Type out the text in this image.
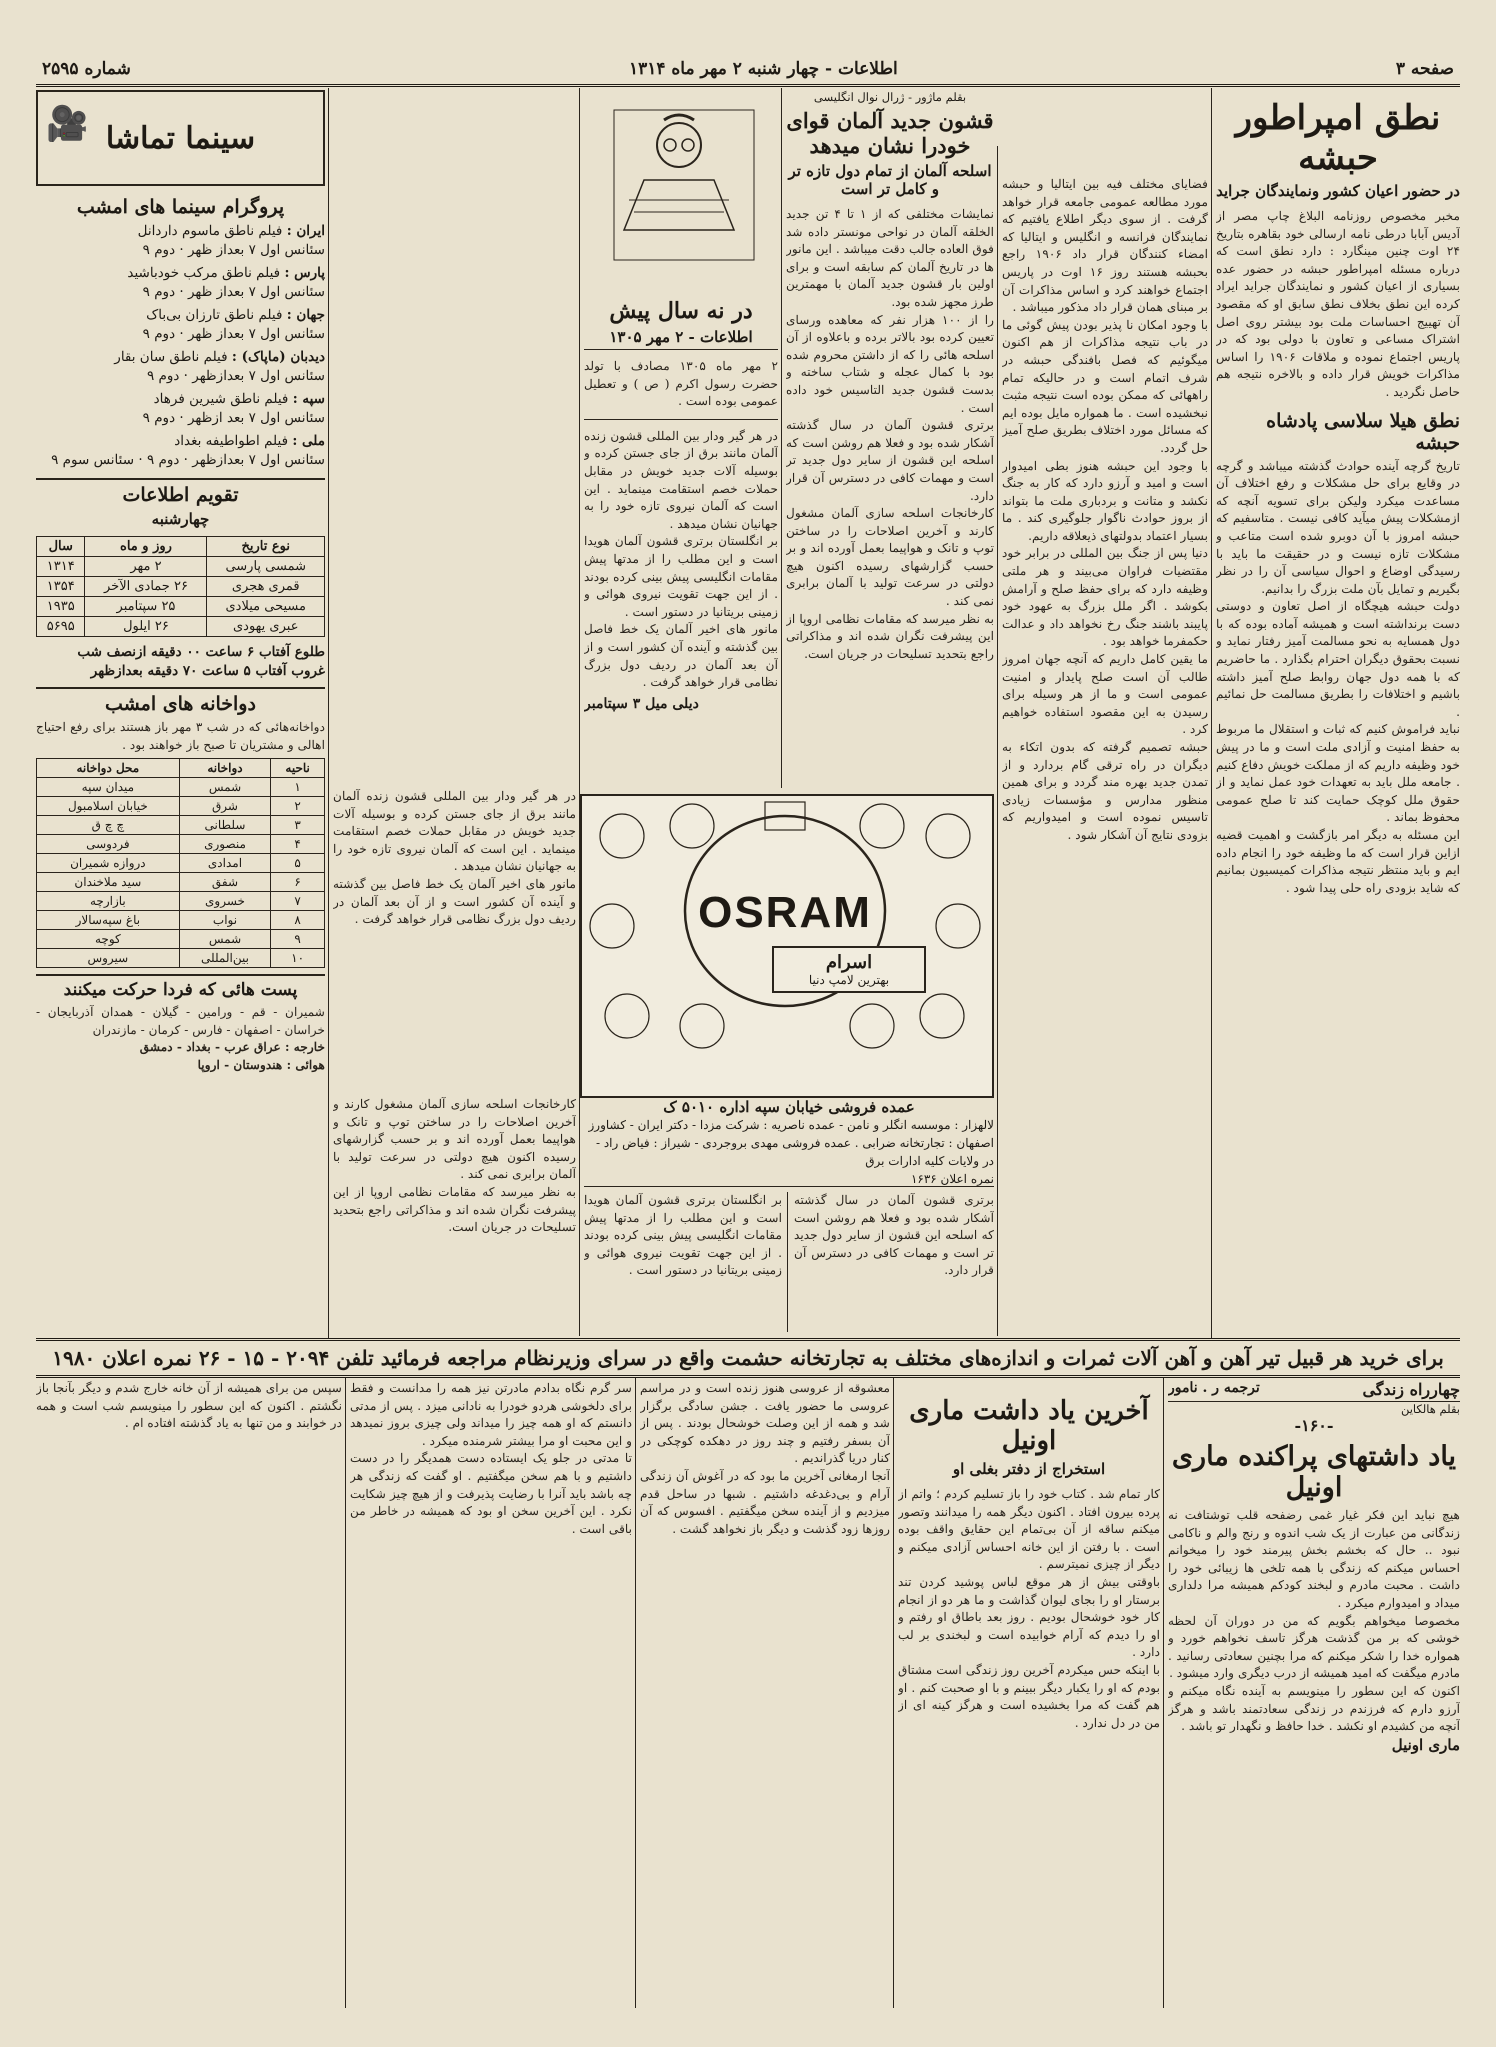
صفحه ۳
اطلاعات - چهار شنبه ۲ مهر ماه ۱۳۱۴
شماره ۲۵۹۵
نطق امپراطور حبشه
در حضور اعیان کشور ونمایندگان جراید

مخبر مخصوص روزنامه البلاغ چاپ مصر از آدیس آبابا درطی نامه ارسالی خود بقاهره بتاریخ ۲۴ اوت چنین مینگارد : دارد نطق است که درباره مسئله امپراطور حبشه در حضور عده بسیاری از اعیان کشور و نمایندگان جراید ایراد کرده این نطق بخلاف نطق سابق او که مقصود آن تهییج احساسات ملت بود بیشتر روی اصل اشتراک مساعی و تعاون با دولی بود که در پاریس اجتماع نموده و ملاقات ۱۹۰۶ را اساس مذاکرات خویش قرار داده و بالاخره نتیجه هم حاصل نگردید .

نطق هیلا سلاسی پادشاه حبشه

تاریخ گرچه آینده حوادث گذشته میباشد و گرچه در وقایع برای حل مشکلات و رفع اختلاف آن مساعدت میکرد ولیکن برای تسویه آنچه که ازمشکلات پیش میآید کافی نیست . متاسفیم که حبشه امروز با آن دوبرو شده است متاعب و مشکلات تازه نیست و در حقیقت ما باید با رسیدگی اوضاع و احوال سیاسی آن را در نظر بگیریم و تمایل بآن ملت بزرگ را بدانیم.

دولت حبشه هیچگاه از اصل تعاون و دوستی دست برنداشته است و همیشه آماده بوده که با دول همسایه به نحو مسالمت آمیز رفتار نماید و نسبت بحقوق دیگران احترام بگذارد . ما حاضریم که با همه دول جهان روابط صلح آمیز داشته باشیم و اختلافات را بطریق مسالمت حل نمائیم .

نباید فراموش کنیم که ثبات و استقلال ما مربوط به حفظ امنیت و آزادی ملت است و ما در پیش خود وظیفه داریم که از مملکت خویش دفاع کنیم . جامعه ملل باید به تعهدات خود عمل نماید و از حقوق ملل کوچک حمایت کند تا صلح عمومی محفوظ بماند .

این مسئله به دیگر امر بازگشت و اهمیت قضیه ازاین قرار است که ما وظیفه خود را انجام داده ایم و باید منتظر نتیجه مذاکرات کمیسیون بمانیم که شاید بزودی راه حلی پیدا شود .

فضایای مختلف فیه بین ایتالیا و حبشه مورد مطالعه عمومی جامعه قرار خواهد گرفت . از سوی دیگر اطلاع یافتیم که نمایندگان فرانسه و انگلیس و ایتالیا که امضاء کنندگان قرار داد ۱۹۰۶ راجع بحبشه هستند روز ۱۶ اوت در پاریس اجتماع خواهند کرد و اساس مذاکرات آن بر مبنای همان قرار داد مذکور میباشد .

با وجود امکان نا پذیر بودن پیش گوئی ما در باب نتیجه مذاکرات از هم اکنون میگوئیم که فصل بافندگی حبشه در شرف اتمام است و در حالیکه تمام راههائی که ممکن بوده است نتیجه مثبت نبخشیده است . ما همواره مایل بوده ایم که مسائل مورد اختلاف بطریق صلح آمیز حل گردد.

با وجود این حبشه هنوز بطی امیدوار است و امید و آرزو دارد که کار به جنگ نکشد و متانت و بردباری ملت ما بتواند از بروز حوادث ناگوار جلوگیری کند . ما بسیار اعتماد بدولتهای ذیعلاقه داریم.

دنیا پس از جنگ بین المللی در برابر خود مقتضیات فراوان می‌بیند و هر ملتی وظیفه دارد که برای حفظ صلح و آرامش بکوشد . اگر ملل بزرگ به عهود خود پایبند باشند جنگ رخ نخواهد داد و عدالت حکمفرما خواهد بود .

ما یقین کامل داریم که آنچه جهان امروز طالب آن است صلح پایدار و امنیت عمومی است و ما از هر وسیله برای رسیدن به این مقصود استفاده خواهیم کرد .

حبشه تصمیم گرفته که بدون اتکاء به دیگران در راه ترقی گام بردارد و از تمدن جدید بهره مند گردد و برای همین منظور مدارس و مؤسسات زیادی تاسیس نموده است و امیدواریم که بزودی نتایج آن آشکار شود .

بقلم ماژور - ژرال نوال انگلیسی
قشون جدید آلمان قوای خودرا نشان میدهد
اسلحه آلمان از تمام دول تازه تر و کامل تر است

نمایشات مختلفی که از ۱ تا ۴ تن جدید الخلقه آلمان در نواحی مونستر داده شد فوق العاده جالب دقت میباشد . این مانور ها در تاریخ آلمان کم سابقه است و برای اولین بار قشون جدید آلمان با مهمترین طرز مجهز شده بود.

را از ۱۰۰ هزار نفر که معاهده ورسای تعیین کرده بود بالاتر برده و باعلاوه از آن اسلحه هائی را که از داشتن محروم شده بود با کمال عجله و شتاب ساخته و بدست قشون جدید التاسیس خود داده است .

برتری قشون آلمان در سال گذشته آشکار شده بود و فعلا هم روشن است که اسلحه این قشون از سایر دول جدید تر است و مهمات کافی در دسترس آن قرار دارد.

کارخانجات اسلحه سازی آلمان مشغول کارند و آخرین اصلاحات را در ساختن توپ و تانک و هواپیما بعمل آورده اند و بر حسب گزارشهای رسیده اکنون هیچ دولتی در سرعت تولید با آلمان برابری نمی کند .

به نظر میرسد که مقامات نظامی اروپا از این پیشرفت نگران شده اند و مذاکراتی راجع بتحدید تسلیحات در جریان است.

در نه سال پیش
اطلاعات - ۲ مهر ۱۳۰۵

۲ مهر ماه ۱۳۰۵ مصادف با تولد حضرت رسول اکرم ( ص ) و تعطیل عمومی بوده است .

در هر گیر ودار بین المللی قشون زنده آلمان مانند برق از جای جستن کرده و بوسیله آلات جدید خویش در مقابل حملات خصم استقامت مینماید . این است که آلمان نیروی تازه خود را به جهانیان نشان میدهد .

بر انگلستان برتری قشون آلمان هویدا است و این مطلب را از مدتها پیش مقامات انگلیسی پیش بینی کرده بودند . از این جهت تقویت نیروی هوائی و زمینی بریتانیا در دستور است .

مانور های اخیر آلمان یک خط فاصل بین گذشته و آینده آن کشور است و از آن بعد آلمان در ردیف دول بزرگ نظامی قرار خواهد گرفت .

دیلی میل ۳ سپتامبر
OSRAM
اسرام
بهترین لامپ دنیا
عمده فروشی خیابان سپه اداره ۵۰۱۰ ک
لالهزار : موسسه انگلر و نامن - عمده ناصریه : شرکت مزدا - دکتر ایران - کشاورز
اصفهان : تجارتخانه ضرابی . عمده فروشی مهدی بروجردی - شیراز : فیاض راد - در ولایات کلیه ادارات برق
نمره اعلان ۱۶۳۶

برتری قشون آلمان در سال گذشته آشکار شده بود و فعلا هم روشن است که اسلحه این قشون از سایر دول جدید تر است و مهمات کافی در دسترس آن قرار دارد.

بر انگلستان برتری قشون آلمان هویدا است و این مطلب را از مدتها پیش مقامات انگلیسی پیش بینی کرده بودند . از این جهت تقویت نیروی هوائی و زمینی بریتانیا در دستور است .

کارخانجات اسلحه سازی آلمان مشغول کارند و آخرین اصلاحات را در ساختن توپ و تانک و هواپیما بعمل آورده اند و بر حسب گزارشهای رسیده اکنون هیچ دولتی در سرعت تولید با آلمان برابری نمی کند .

به نظر میرسد که مقامات نظامی اروپا از این پیشرفت نگران شده اند و مذاکراتی راجع بتحدید تسلیحات در جریان است.

در هر گیر ودار بین المللی قشون زنده آلمان مانند برق از جای جستن کرده و بوسیله آلات جدید خویش در مقابل حملات خصم استقامت مینماید . این است که آلمان نیروی تازه خود را به جهانیان نشان میدهد .

مانور های اخیر آلمان یک خط فاصل بین گذشته و آینده آن کشور است و از آن بعد آلمان در ردیف دول بزرگ نظامی قرار خواهد گرفت .

سینما تماشا
🎥
پروگرام سینما های امشب

ایران : فیلم ناطق ماسوم داردانل

سئانس اول ۷ بعداز ظهر · دوم ۹

پارس : فیلم ناطق مرکب خودباشید

سئانس اول ۷ بعداز ظهر · دوم ۹

جهان : فیلم ناطق تارزان بی‌باک

سئانس اول ۷ بعداز ظهر · دوم ۹

دیدبان (ماپاک) : فیلم ناطق سان بقار

سئانس اول ۷ بعدازظهر · دوم ۹

سپه : فیلم ناطق شیرین فرهاد

سئانس اول ۷ بعد ازظهر · دوم ۹

ملی : فیلم اطواطیفه بغداد

سئانس اول ۷ بعدازظهر · دوم ۹ · سئانس سوم ۹

تقویم اطلاعات
چهارشنبه
نوع تاریخ	روز و ماه	سال
شمسی پارسی	۲ مهر	۱۳۱۴
قمری هجری	۲۶ جمادی الآخر	۱۳۵۴
مسیحی میلادی	۲۵ سپتامبر	۱۹۳۵
عبری یهودی	۲۶ ایلول	۵۶۹۵

طلوع آفتاب ۶ ساعت ۰۰ دقیقه ازنصف شب

غروب آفتاب ۵ ساعت ۷۰ دقیقه بعدازظهر

دواخانه های امشب

دواخانه‌هائی که در شب ۳ مهر باز هستند برای رفع احتیاج اهالی و مشتریان تا صبح باز خواهند بود .

ناحیه	دواخانه	محل دواخانه
۱	شمس	میدان سپه
۲	شرق	خیابان اسلامبول
۳	سلطانی	چ چ ق
۴	منصوری	فردوسی
۵	امدادی	دروازه شمیران
۶	شفق	سید ملاخندان
۷	خسروی	بازارچه
۸	نواب	باغ سپه‌سالار
۹	شمس	کوچه
۱۰	بین‌المللی	سیروس
پست هائی که فردا حرکت میکنند

شمیران - قم - ورامین - گیلان - همدان آذربایجان - خراسان - اصفهان - فارس - کرمان - مازندران

خارجه : عراق عرب - بغداد - دمشق

هوائی : هندوستان - اروپا

برای خرید هر قبیل تیر آهن و آهن آلات ثمرات و اندازه‌های مختلف به‌ تجارتخانه حشمت واقع در سرای وزیرنظام مراجعه فرمائید تلفن ۲۰۹۴ - ۱۵ - ۲۶ نمره اعلان ۱۹۸۰
چهارراه زندگی
ترجمه ر . نامور
بقلم هالکاین
-۱۶۰-
یاد داشتهای پراکنده ماری اونیل

هیچ نباید این فکر غیار غمی رضفحه قلب توشتافت نه زندگانی من عبارت از یک شب اندوه و رنج والم و ناکامی نبود .. حال که بخشم بخش پیرمند خود را میخوانم احساس میکنم که زندگی با همه تلخی ها زیبائی خود را داشت . محبت مادرم و لبخند کودکم همیشه مرا دلداری میداد و امیدوارم میکرد .

مخصوصا میخواهم بگویم که من در دوران آن لحظه خوشی که بر من گذشت هرگز تاسف نخواهم خورد و همواره خدا را شکر میکنم که مرا بچنین سعادتی رسانید . مادرم میگفت که امید همیشه از درب دیگری وارد میشود .

اکنون که این سطور را مینویسم به آینده نگاه میکنم و آرزو دارم که فرزندم در زندگی سعادتمند باشد و هرگز آنچه من کشیدم او نکشد . خدا حافظ و نگهدار تو باشد .

ماری اونیل
آخرین یاد داشت ماری اونیل
استخراج از دفتر بغلی او

کار تمام شد . کتاب خود را باز تسلیم کردم ؛ واتم از پرده بیرون افتاد . اکنون دیگر همه را میدانند وتصور میکنم ساقه از آن بی‌تمام این حقایق واقف بوده است . با رفتن از این خانه احساس آزادی میکنم و دیگر از چیزی نمیترسم .

باوقتی بیش از هر موقع لباس پوشید کردن تند برستار او را بجای لیوان گذاشت و ما هر دو از انجام کار خود خوشحال بودیم . روز بعد باطاق او رفتم و او را دیدم که آرام خوابیده است و لبخندی بر لب دارد .

با اینکه حس میکردم آخرین روز زندگی است مشتاق بودم که او را یکبار دیگر ببینم و با او صحبت کنم . او هم گفت که مرا بخشیده است و هرگز کینه ای از من در دل ندارد .

معشوقه از عروسی هنوز زنده است و در مراسم عروسی ما حضور یافت . جشن سادگی برگزار شد و همه از این وصلت خوشحال بودند . پس از آن بسفر رفتیم و چند روز در دهکده کوچکی در کنار دریا گذراندیم .

آنجا ارمغانی آخرین ما بود که در آغوش آن زندگی آرام و بی‌دغدغه داشتیم . شبها در ساحل قدم میزدیم و از آینده سخن میگفتیم . افسوس که آن روزها زود گذشت و دیگر باز نخواهد گشت .

سر گرم نگاه بدادم مادرتن نیز همه را مدانست و فقط برای دلخوشی هردو خودرا به نادانی میزد . پس از مدتی دانستم که او همه چیز را میداند ولی چیزی بروز نمیدهد و این محبت او مرا بیشتر شرمنده میکرد .

تا مدتی در جلو یک ایستاده دست همدیگر را در دست داشتیم و با هم سخن میگفتیم . او گفت که زندگی هر چه باشد باید آنرا با رضایت پذیرفت و از هیچ چیز شکایت نکرد . این آخرین سخن او بود که همیشه در خاطر من باقی است .

سپس من برای همیشه از آن خانه خارج شدم و دیگر بآنجا باز نگشتم . اکنون که این سطور را مینویسم شب است و همه در خوابند و من تنها به یاد گذشته افتاده ام .
